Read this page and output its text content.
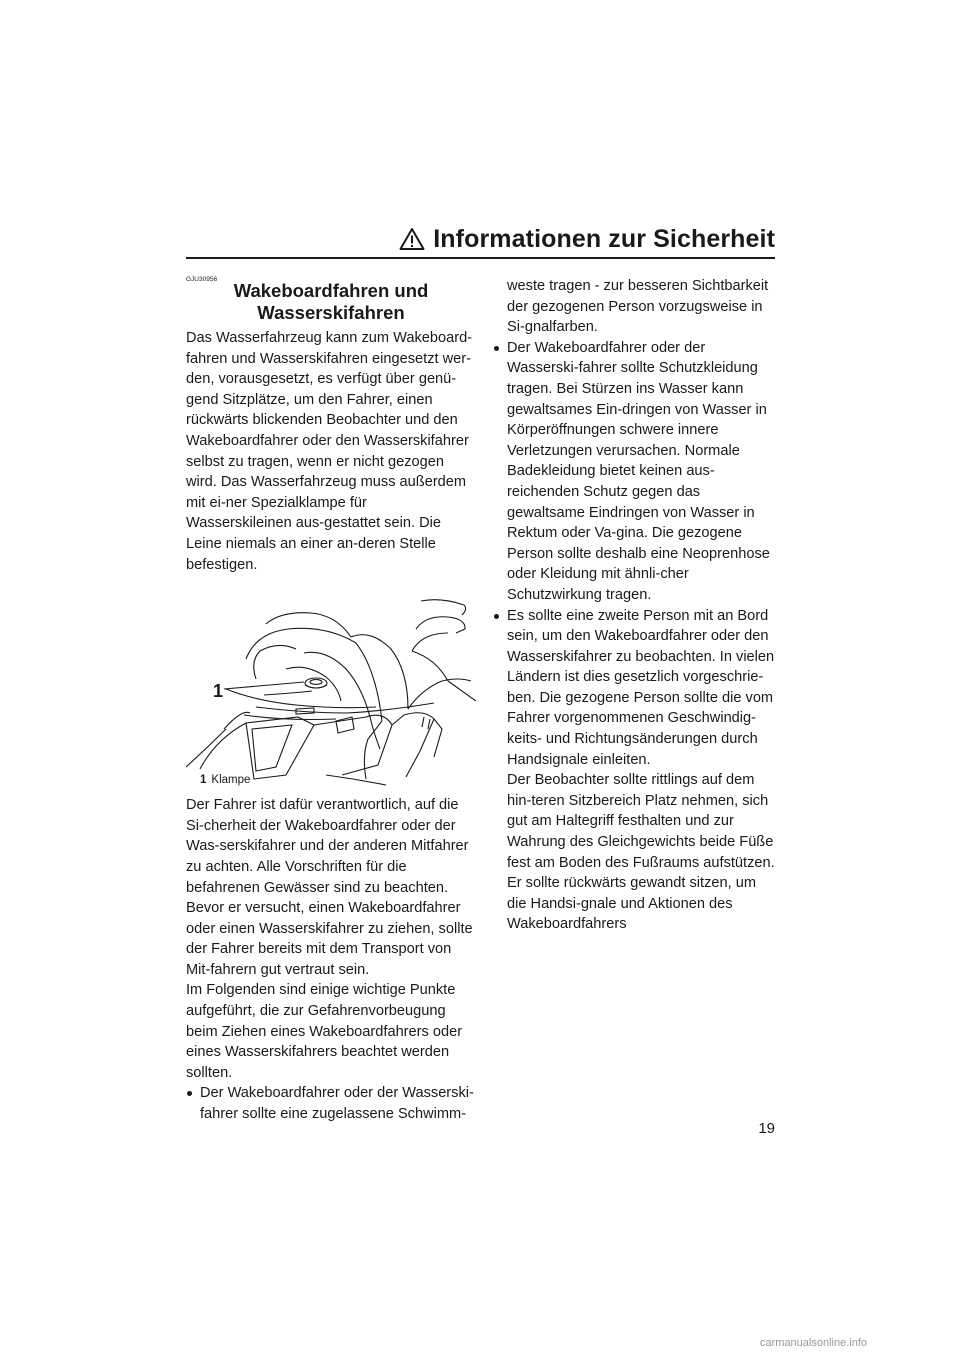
Informationen zur Sicherheit
GJU30956
Wakeboardfahren und Wasserskifahren

Das Wasserfahrzeug kann zum Wakeboard-fahren und Wasserskifahren eingesetzt wer-den, vorausgesetzt, es verfügt über genü-gend Sitzplätze, um den Fahrer, einen rückwärts blickenden Beobachter und den Wakeboardfahrer oder den Wasserskifahrer selbst zu tragen, wenn er nicht gezogen wird. Das Wasserfahrzeug muss außerdem mit ei-ner Spezialklampe für Wasserskileinen aus-gestattet sein. Die Leine niemals an einer an-deren Stelle befestigen.

1
1 Klampe

Der Fahrer ist dafür verantwortlich, auf die Si-cherheit der Wakeboardfahrer oder der Was-serskifahrer und der anderen Mitfahrer zu achten. Alle Vorschriften für die befahrenen Gewässer sind zu beachten.

Bevor er versucht, einen Wakeboardfahrer oder einen Wasserskifahrer zu ziehen, sollte der Fahrer bereits mit dem Transport von Mit-fahrern gut vertraut sein.

Im Folgenden sind einige wichtige Punkte aufgeführt, die zur Gefahrenvorbeugung beim Ziehen eines Wakeboardfahrers oder eines Wasserskifahrers beachtet werden sollten.

Der Wakeboardfahrer oder der Wasserski-fahrer sollte eine zugelassene Schwimm-

weste tragen - zur besseren Sichtbarkeit der gezogenen Person vorzugsweise in Si-gnalfarben.

Der Wakeboardfahrer oder der Wasserski-fahrer sollte Schutzkleidung tragen. Bei Stürzen ins Wasser kann gewaltsames Ein-dringen von Wasser in Körperöffnungen schwere innere Verletzungen verursachen. Normale Badekleidung bietet keinen aus-reichenden Schutz gegen das gewaltsame Eindringen von Wasser in Rektum oder Va-gina. Die gezogene Person sollte deshalb eine Neoprenhose oder Kleidung mit ähnli-cher Schutzwirkung tragen.

Es sollte eine zweite Person mit an Bord sein, um den Wakeboardfahrer oder den Wasserskifahrer zu beobachten. In vielen Ländern ist dies gesetzlich vorgeschrie-ben. Die gezogene Person sollte die vom Fahrer vorgenommenen Geschwindig-keits- und Richtungsänderungen durch Handsignale einleiten.

Der Beobachter sollte rittlings auf dem hin-teren Sitzbereich Platz nehmen, sich gut am Haltegriff festhalten und zur Wahrung des Gleichgewichts beide Füße fest am Boden des Fußraums aufstützen. Er sollte rückwärts gewandt sitzen, um die Handsi-gnale und Aktionen des Wakeboardfahrers

19
carmanualsonline.info
